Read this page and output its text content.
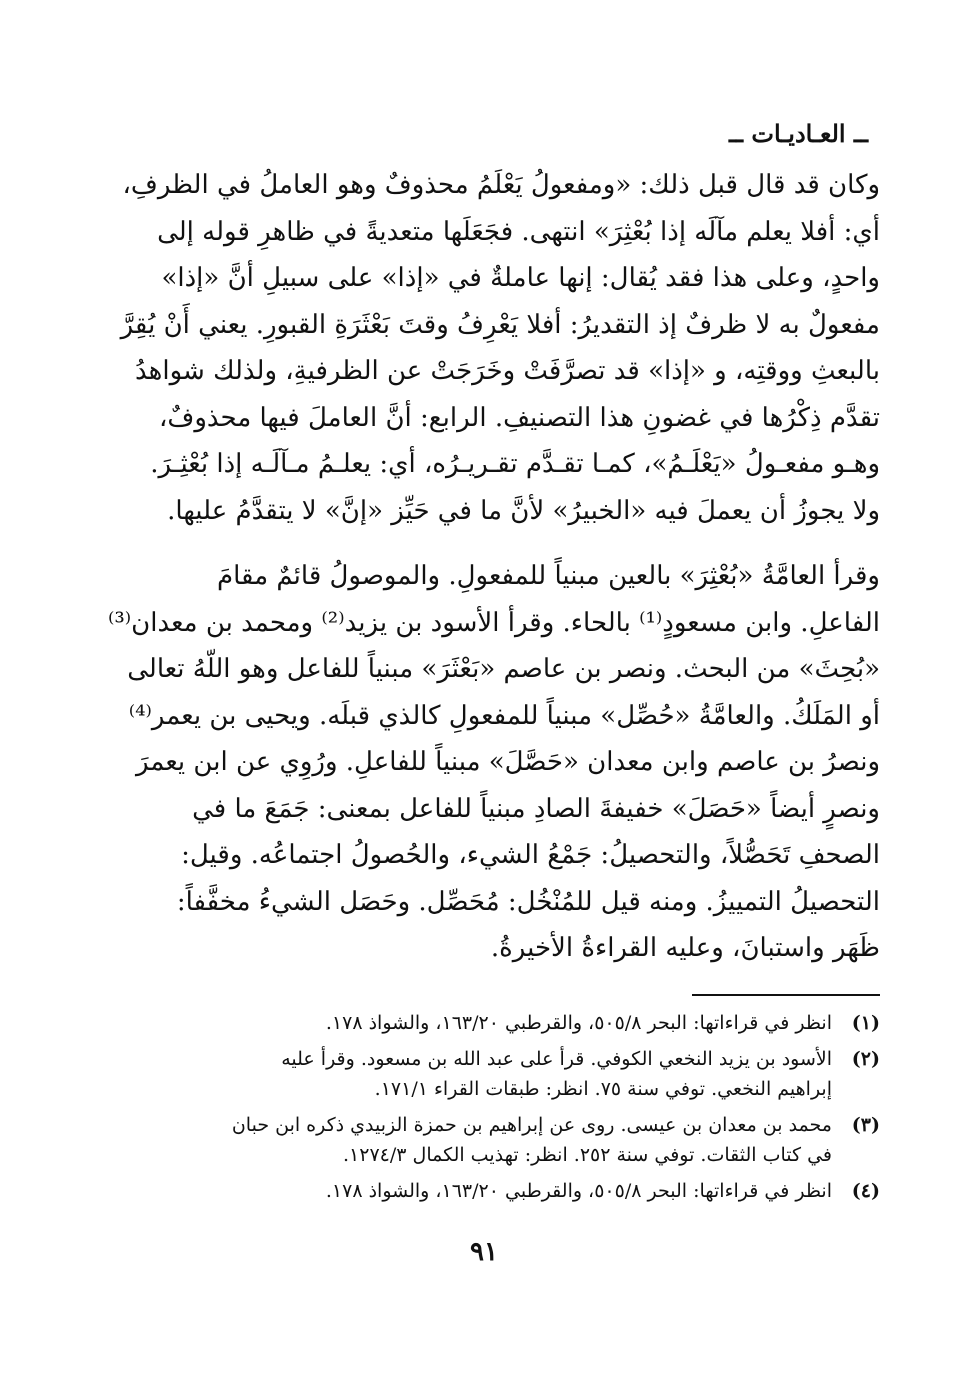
ــ العـاديـات ــ
وكان قد قال قبل ذلك: «ومفعولُ يَعْلَمُ محذوفٌ وهو العاملُ في الظرفِ،
أي: أفلا يعلم مآلَه إذا بُعْثِرَ» انتهى. فجَعَلَها متعديةً في ظاهرِ قوله إلى
واحدٍ، وعلى هذا فقد يُقال: إنها عاملةٌ في «إذا» على سبيلِ أنَّ «إذا»
مفعولٌ به لا ظرفٌ إذ التقديرُ: أفلا يَعْرِفُ وقتَ بَعْثَرَةِ القبورِ. يعني أَنْ يُقِرَّ
بالبعثِ ووقتِه، و «إذا» قد تصرَّفَتْ وخَرَجَتْ عن الظرفيةِ، ولذلك شواهدُ
تقدَّم ذِكْرُها في غضونِ هذا التصنيفِ. الرابع: أنَّ العاملَ فيها محذوفٌ،
وهـو مفعـولُ «يَعْلَـمُ»، كمـا تقـدَّم تقـريـرُه، أي: يعلـمُ مـآلَـه إذا بُعْثِـرَ.
ولا يجوزُ أن يعملَ فيه «الخبيرُ» لأنَّ ما في حَيِّز «إنَّ» لا يتقدَّمُ عليها.
وقرأ العامَّةُ «بُعْثِرَ» بالعين مبنياً للمفعولِ. والموصولُ قائمٌ مقامَ
الفاعلِ. وابن مسعودٍ⁽¹⁾ بالحاء. وقرأ الأسود بن يزيد⁽²⁾ ومحمد بن معدان⁽³⁾
«بُحِثَ» من البحث. ونصر بن عاصم «بَعْثَرَ» مبنياً للفاعل وهو اللّهُ تعالى
أو المَلَكُ. والعامَّةُ «حُصِّل» مبنياً للمفعولِ كالذي قبلَه. ويحيى بن يعمر⁽⁴⁾
ونصرُ بن عاصم وابن معدان «حَصَّلَ» مبنياً للفاعلِ. ورُوِي عن ابن يعمرَ
ونصرٍ أيضاً «حَصَلَ» خفيفةَ الصادِ مبنياً للفاعل بمعنى: جَمَعَ ما في
الصحفِ تَحَصُّلاً، والتحصيلُ: جَمْعُ الشيء، والحُصولُ اجتماعُه. وقيل:
التحصيلُ التمييزُ. ومنه قيل للمُنْخُل: مُحَصِّل. وحَصَل الشيءُ مخفَّفاً:
ظَهَر واستبانَ، وعليه القراءةُ الأخيرةُ.
(١)
انظر في قراءاتها: البحر ٥٠٥/٨، والقرطبي ١٦٣/٢٠، والشواذ ١٧٨.
(٢)
الأسود بن يزيد النخعي الكوفي. قرأ على عبد الله بن مسعود. وقرأ عليه
إبراهيم النخعي. توفي سنة ٧٥. انظر: طبقات القراء ١٧١/١.
(٣)
محمد بن معدان بن عيسى. روى عن إبراهيم بن حمزة الزبيدي ذكره ابن حبان
في كتاب الثقات. توفي سنة ٢٥٢. انظر: تهذيب الكمال ١٢٧٤/٣.
(٤)
انظر في قراءاتها: البحر ٥٠٥/٨، والقرطبي ١٦٣/٢٠، والشواذ ١٧٨.
٩١
